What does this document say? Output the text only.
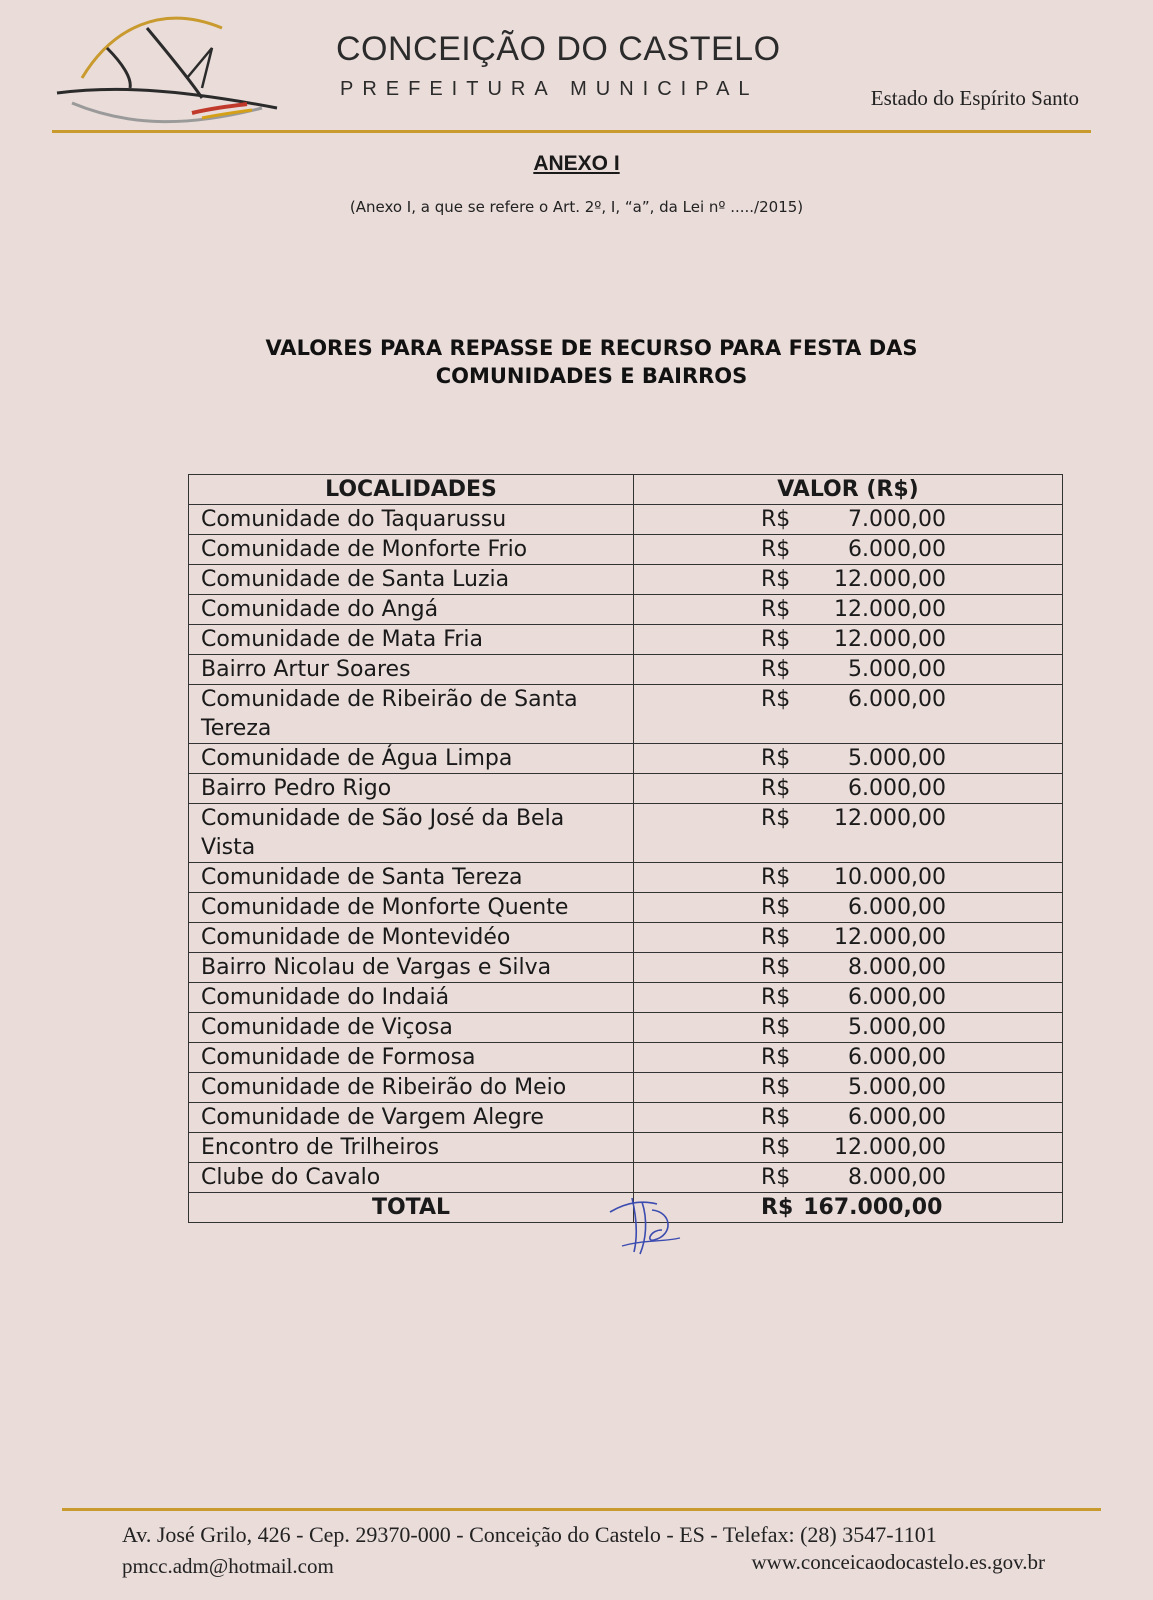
CONCEIÇÃO DO CASTELO
PREFEITURA MUNICIPAL	Estado do Espírito Santo
ANEXO I
(Anexo I, a que se refere o Art. 2º, I, “a”, da Lei nº ...../2015)
VALORES PARA REPASSE DE RECURSO PARA FESTA DAS
COMUNIDADES E BAIRROS
LOCALIDADES	VALOR (R$)
Comunidade do Taquarussu	R$ 7.000,00

Comunidade de Monforte Frio	R$ 6.000,00

Comunidade de Santa Luzia	R$ 12.000,00

Comunidade do Angá	R$ 12.000,00

Comunidade de Mata Fria	R$ 12.000,00

Bairro Artur Soares	R$ 5.000,00

Comunidade de Ribeirão de Santa Tereza	R$ 6.000,00

Comunidade de Água Limpa	R$ 5.000,00

Bairro Pedro Rigo	R$ 6.000,00

Comunidade de São José da Bela Vista	R$ 12.000,00

Comunidade de Santa Tereza	R$ 10.000,00

Comunidade de Monforte Quente	R$ 6.000,00

Comunidade de Montevidéo	R$ 12.000,00

Bairro Nicolau de Vargas e Silva	R$ 8.000,00

Comunidade do Indaiá	R$ 6.000,00

Comunidade de Viçosa	R$ 5.000,00

Comunidade de Formosa	R$ 6.000,00

Comunidade de Ribeirão do Meio	R$ 5.000,00

Comunidade de Vargem Alegre	R$ 6.000,00

Encontro de Trilheiros	R$ 12.000,00

Clube do Cavalo	R$ 8.000,00

TOTAL	R$ 167.000,00
Av. José Grilo, 426 - Cep. 29370-000 - Conceição do Castelo - ES - Telefax: (28) 3547-1101
pmcc.adm@hotmail.com	www.conceicaodocastelo.es.gov.br
